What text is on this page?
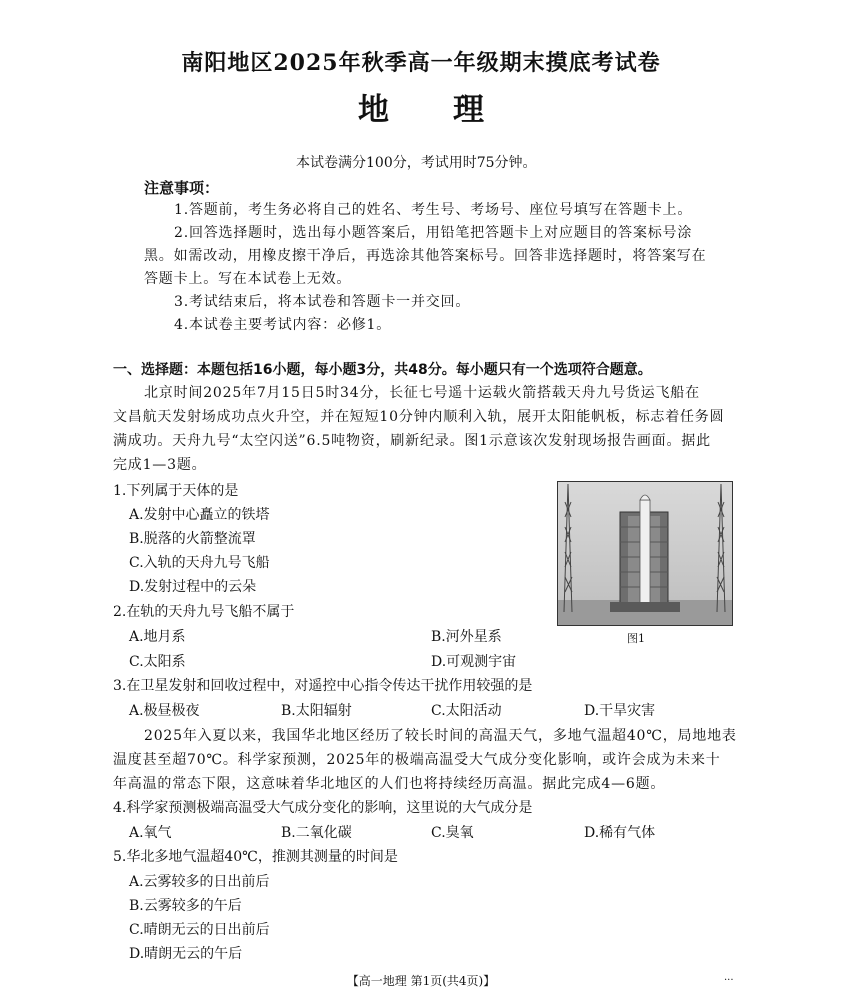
南阳地区2025年秋季高一年级期末摸底考试卷
地 理
本试卷满分100分，考试用时75分钟。
注意事项：
1.答题前，考生务必将自己的姓名、考生号、考场号、座位号填写在答题卡上。
2.回答选择题时，选出每小题答案后，用铅笔把答题卡上对应题目的答案标号涂
黑。如需改动，用橡皮擦干净后，再选涂其他答案标号。回答非选择题时，将答案写在
答题卡上。写在本试卷上无效。
3.考试结束后，将本试卷和答题卡一并交回。
4.本试卷主要考试内容：必修1。
一、选择题：本题包括16小题，每小题3分，共48分。每小题只有一个选项符合题意。
北京时间2025年7月15日5时34分，长征七号遥十运载火箭搭载天舟九号货运飞船在
文昌航天发射场成功点火升空，并在短短10分钟内顺利入轨，展开太阳能帆板，标志着任务圆
满成功。天舟九号“太空闪送”6.5吨物资，刷新纪录。图1示意该次发射现场报告画面。据此
完成1—3题。
1.下列属于天体的是
A.发射中心矗立的铁塔
B.脱落的火箭整流罩
C.入轨的天舟九号飞船
D.发射过程中的云朵
图1
2.在轨的天舟九号飞船不属于
A.地月系	B.河外星系
C.太阳系	D.可观测宇宙
3.在卫星发射和回收过程中，对遥控中心指令传达干扰作用较强的是
A.极昼极夜	B.太阳辐射	C.太阳活动	D.干旱灾害
2025年入夏以来，我国华北地区经历了较长时间的高温天气，多地气温超40℃，局地地表
温度甚至超70℃。科学家预测，2025年的极端高温受大气成分变化影响，或许会成为未来十
年高温的常态下限，这意味着华北地区的人们也将持续经历高温。据此完成4—6题。
4.科学家预测极端高温受大气成分变化的影响，这里说的大气成分是
A.氧气	B.二氧化碳	C.臭氧	D.稀有气体
5.华北多地气温超40℃，推测其测量的时间是
A.云雾较多的日出前后
B.云雾较多的午后
C.晴朗无云的日出前后
D.晴朗无云的午后
【高一地理 第1页(共4页)】	...
